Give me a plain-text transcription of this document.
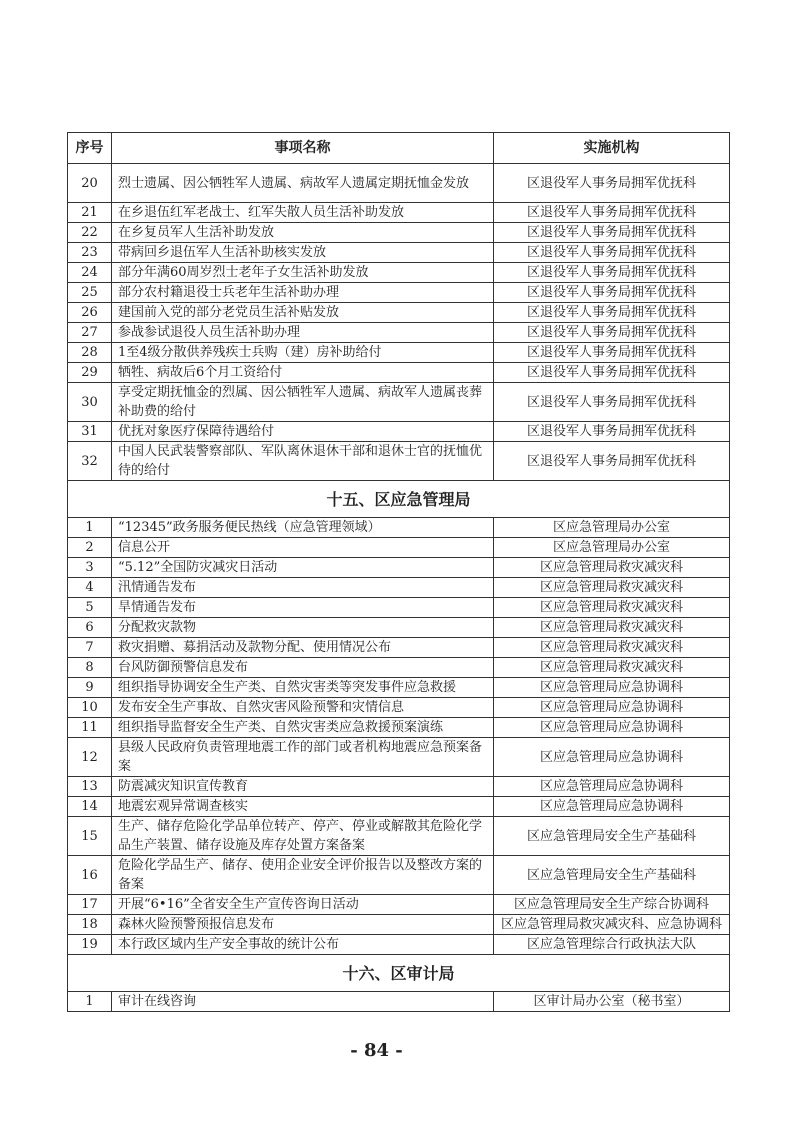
序号	事项名称	实施机构
20	烈士遗属、因公牺牲军人遗属、病故军人遗属定期抚恤金发放	区退役军人事务局拥军优抚科
21	在乡退伍红军老战士、红军失散人员生活补助发放	区退役军人事务局拥军优抚科
22	在乡复员军人生活补助发放	区退役军人事务局拥军优抚科
23	带病回乡退伍军人生活补助核实发放	区退役军人事务局拥军优抚科
24	部分年满60周岁烈士老年子女生活补助发放	区退役军人事务局拥军优抚科
25	部分农村籍退役士兵老年生活补助办理	区退役军人事务局拥军优抚科
26	建国前入党的部分老党员生活补贴发放	区退役军人事务局拥军优抚科
27	参战参试退役人员生活补助办理	区退役军人事务局拥军优抚科
28	1至4级分散供养残疾士兵购（建）房补助给付	区退役军人事务局拥军优抚科
29	牺牲、病故后6个月工资给付	区退役军人事务局拥军优抚科
30	享受定期抚恤金的烈属、因公牺牲军人遗属、病故军人遗属丧葬补助费的给付	区退役军人事务局拥军优抚科
31	优抚对象医疗保障待遇给付	区退役军人事务局拥军优抚科
32	中国人民武装警察部队、军队离休退休干部和退休士官的抚恤优待的给付	区退役军人事务局拥军优抚科
十五、区应急管理局		
1	“12345”政务服务便民热线（应急管理领域）	区应急管理局办公室
2	信息公开	区应急管理局办公室
3	“5.12”全国防灾减灾日活动	区应急管理局救灾减灾科
4	汛情通告发布	区应急管理局救灾减灾科
5	旱情通告发布	区应急管理局救灾减灾科
6	分配救灾款物	区应急管理局救灾减灾科
7	救灾捐赠、募捐活动及款物分配、使用情况公布	区应急管理局救灾减灾科
8	台风防御预警信息发布	区应急管理局救灾减灾科
9	组织指导协调安全生产类、自然灾害类等突发事件应急救援	区应急管理局应急协调科
10	发布安全生产事故、自然灾害风险预警和灾情信息	区应急管理局应急协调科
11	组织指导监督安全生产类、自然灾害类应急救援预案演练	区应急管理局应急协调科
12	县级人民政府负责管理地震工作的部门或者机构地震应急预案备案	区应急管理局应急协调科
13	防震减灾知识宣传教育	区应急管理局应急协调科
14	地震宏观异常调查核实	区应急管理局应急协调科
15	生产、储存危险化学品单位转产、停产、停业或解散其危险化学品生产装置、储存设施及库存处置方案备案	区应急管理局安全生产基础科
16	危险化学品生产、储存、使用企业安全评价报告以及整改方案的备案	区应急管理局安全生产基础科
17	开展“6•16”全省安全生产宣传咨询日活动	区应急管理局安全生产综合协调科
18	森林火险预警预报信息发布	区应急管理局救灾减灾科、应急协调科
19	本行政区域内生产安全事故的统计公布	区应急管理综合行政执法大队
十六、区审计局		
1	审计在线咨询	区审计局办公室（秘书室）
- 84 -
